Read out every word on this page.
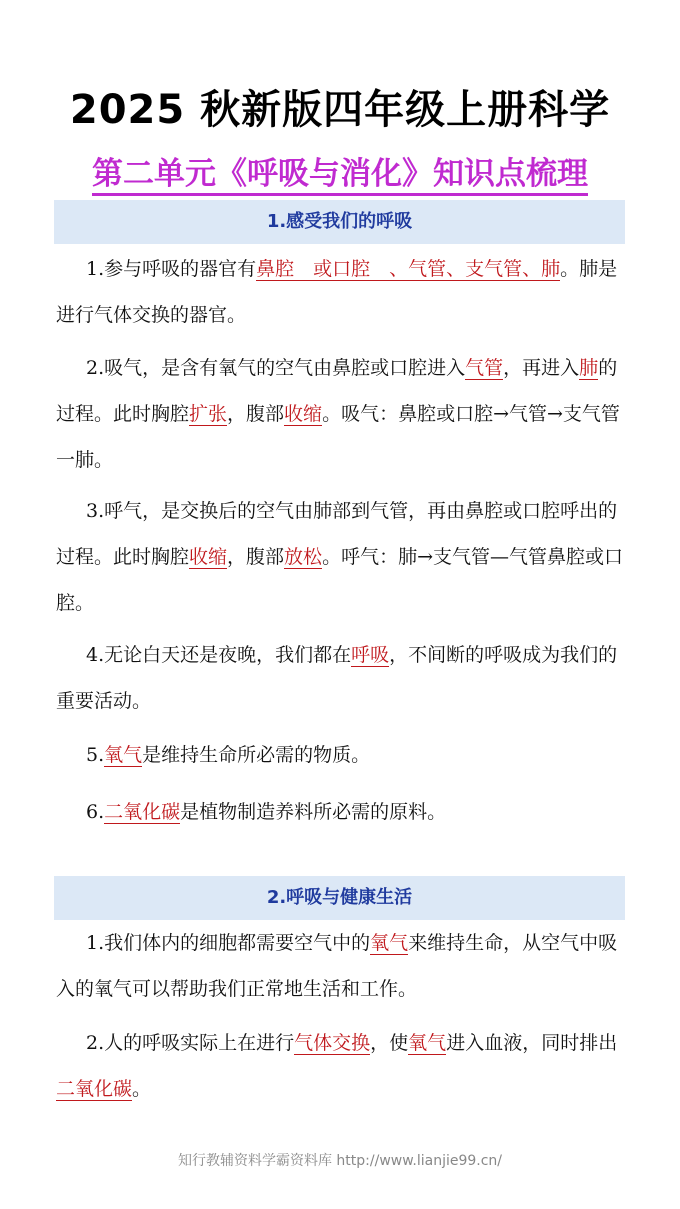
2025 秋新版四年级上册科学
第二单元《呼吸与消化》知识点梳理
1.感受我们的呼吸
1.参与呼吸的器官有鼻腔　或口腔　、气管、支气管、肺。肺是进行气体交换的器官。
2.吸气，是含有氧气的空气由鼻腔或口腔进入气管，再进入肺的过程。此时胸腔扩张，腹部收缩。吸气：鼻腔或口腔→气管→支气管一肺。
3.呼气，是交换后的空气由肺部到气管，再由鼻腔或口腔呼出的过程。此时胸腔收缩，腹部放松。呼气：肺→支气管—气管鼻腔或口腔。
4.无论白天还是夜晚，我们都在呼吸，不间断的呼吸成为我们的重要活动。
5.氧气是维持生命所必需的物质。
6.二氧化碳是植物制造养料所必需的原料。
2.呼吸与健康生活
1.我们体内的细胞都需要空气中的氧气来维持生命，从空气中吸入的氧气可以帮助我们正常地生活和工作。
2.人的呼吸实际上在进行气体交换，使氧气进入血液，同时排出二氧化碳。
知行教辅资料学霸资料库 http://www.lianjie99.cn/
